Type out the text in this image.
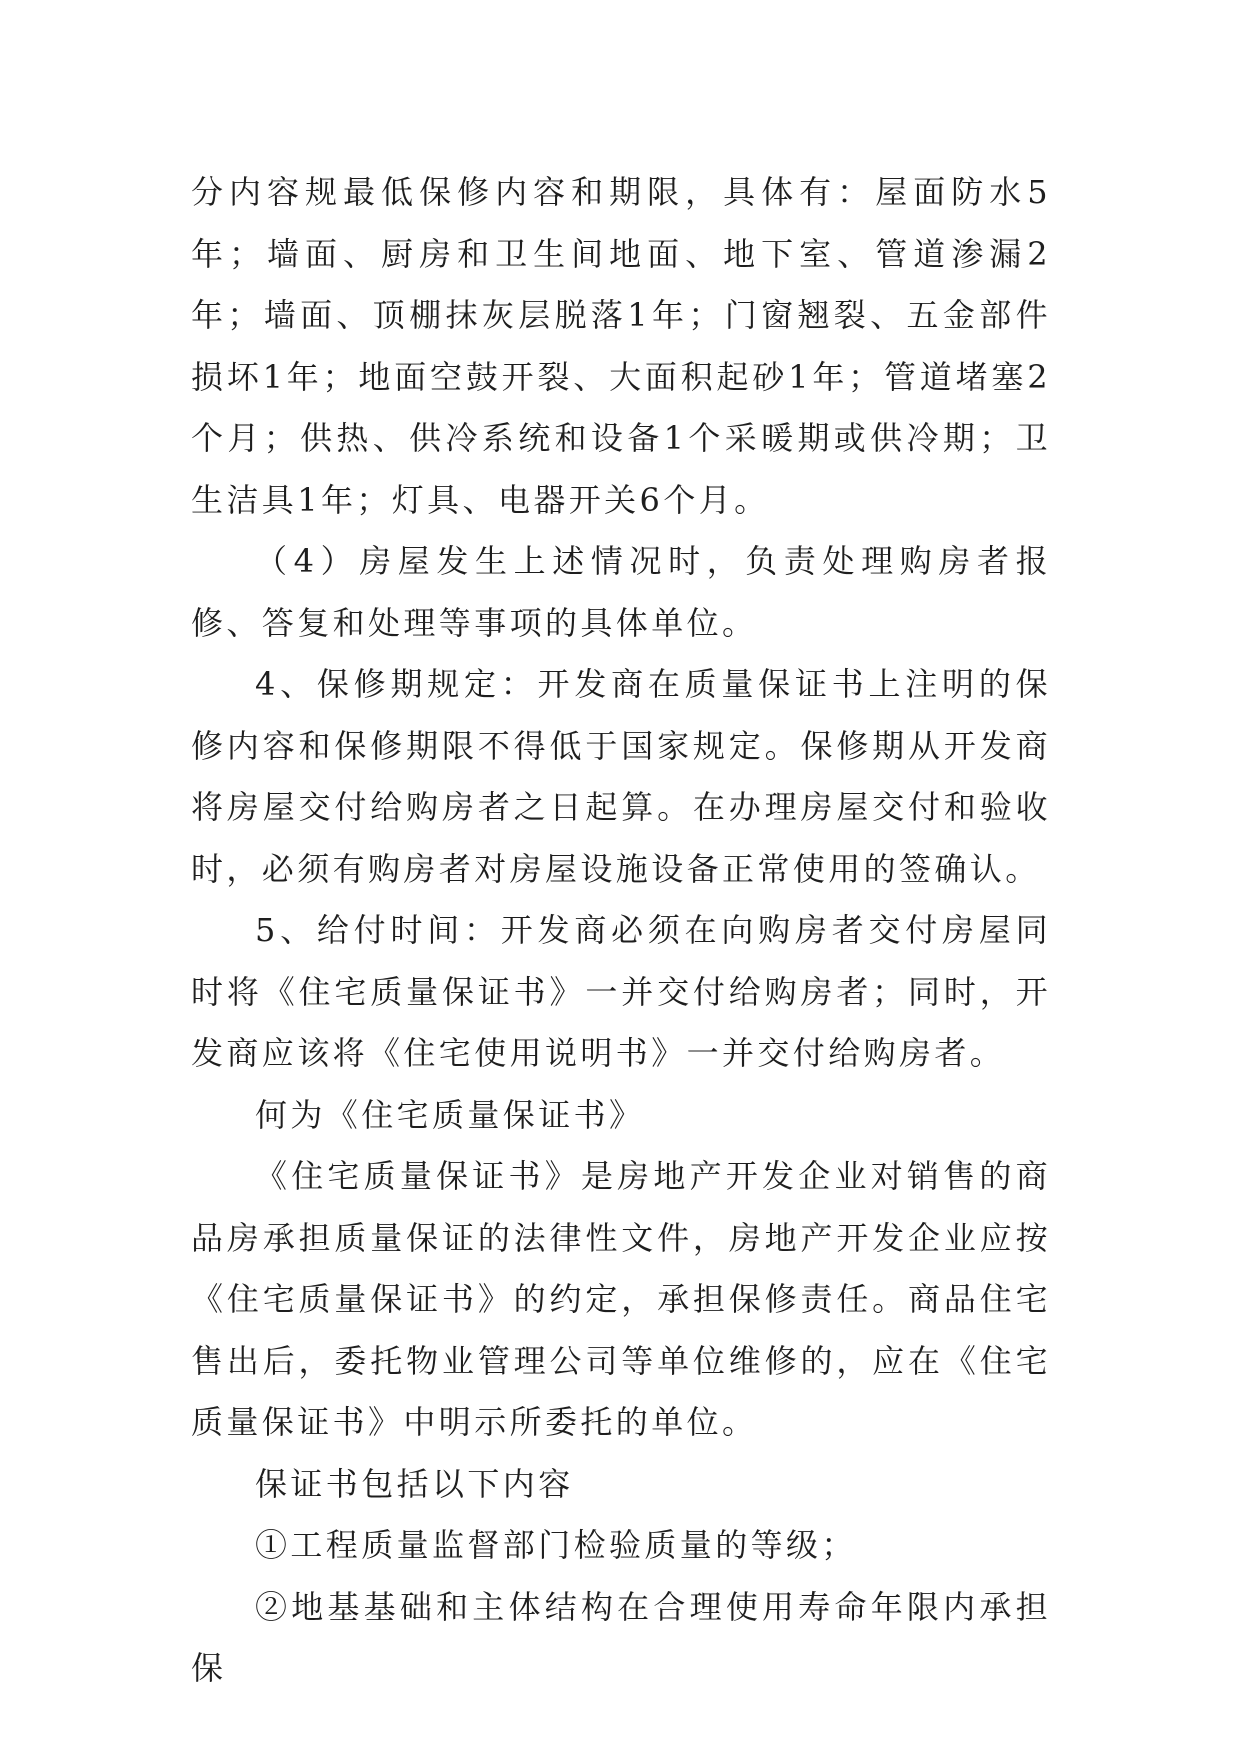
分内容规最低保修内容和期限，具体有：屋面防水5年；墙面、厨房和卫生间地面、地下室、管道渗漏2年；墙面、顶棚抹灰层脱落1年；门窗翘裂、五金部件损坏1年；地面空鼓开裂、大面积起砂1年；管道堵塞2个月；供热、供冷系统和设备1个采暖期或供冷期；卫生洁具1年；灯具、电器开关6个月。

（4）房屋发生上述情况时，负责处理购房者报修、答复和处理等事项的具体单位。

4、保修期规定：开发商在质量保证书上注明的保修内容和保修期限不得低于国家规定。保修期从开发商将房屋交付给购房者之日起算。在办理房屋交付和验收时，必须有购房者对房屋设施设备正常使用的签确认。

5、给付时间：开发商必须在向购房者交付房屋同时将《住宅质量保证书》一并交付给购房者；同时，开发商应该将《住宅使用说明书》一并交付给购房者。

何为《住宅质量保证书》

《住宅质量保证书》是房地产开发企业对销售的商品房承担质量保证的法律性文件，房地产开发企业应按《住宅质量保证书》的约定，承担保修责任。商品住宅售出后，委托物业管理公司等单位维修的，应在《住宅质量保证书》中明示所委托的单位。

保证书包括以下内容

①工程质量监督部门检验质量的等级；

②地基基础和主体结构在合理使用寿命年限内承担保
